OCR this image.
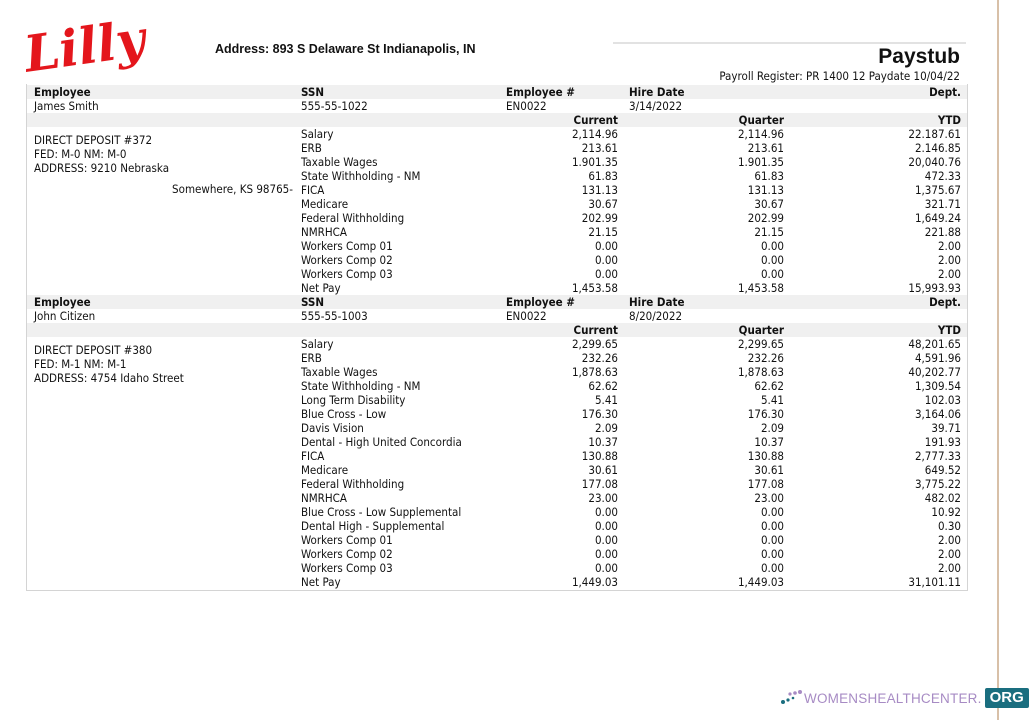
Lilly	Address: 893 S Delaware St Indianapolis, IN	Paystub
Payroll Register: PR 1400 12 Paydate 10/04/22
Employee	SSN	Employee #	Hire Date	Dept.
James Smith	555-55-1022	EN0022	3/14/2022
Current	Quarter	YTD
DIRECT DEPOSIT #372
FED: M-0 NM: M-0
ADDRESS: 9210 Nebraska
Somewhere, KS 98765-
Salary	2,114.96	2,114.96	22.187.61
ERB	213.61	213.61	2.146.85
Taxable Wages	1.901.35	1.901.35	20,040.76
State Withholding - NM	61.83	61.83	472.33
FICA	131.13	131.13	1,375.67
Medicare	30.67	30.67	321.71
Federal Withholding	202.99	202.99	1,649.24
NMRHCA	21.15	21.15	221.88
Workers Comp 01	0.00	0.00	2.00
Workers Comp 02	0.00	0.00	2.00
Workers Comp 03	0.00	0.00	2.00
Net Pay	1,453.58	1,453.58	15,993.93
Employee	SSN	Employee #	Hire Date	Dept.
John Citizen	555-55-1003	EN0022	8/20/2022
Current	Quarter	YTD
DIRECT DEPOSIT #380
FED: M-1 NM: M-1
ADDRESS: 4754 Idaho Street
Salary	2,299.65	2,299.65	48,201.65
ERB	232.26	232.26	4,591.96
Taxable Wages	1,878.63	1,878.63	40,202.77
State Withholding - NM	62.62	62.62	1,309.54
Long Term Disability	5.41	5.41	102.03
Blue Cross - Low	176.30	176.30	3,164.06
Davis Vision	2.09	2.09	39.71
Dental - High United Concordia	10.37	10.37	191.93
FICA	130.88	130.88	2,777.33
Medicare	30.61	30.61	649.52
Federal Withholding	177.08	177.08	3,775.22
NMRHCA	23.00	23.00	482.02
Blue Cross - Low Supplemental	0.00	0.00	10.92
Dental High - Supplemental	0.00	0.00	0.30
Workers Comp 01	0.00	0.00	2.00
Workers Comp 02	0.00	0.00	2.00
Workers Comp 03	0.00	0.00	2.00
Net Pay	1,449.03	1,449.03	31,101.11
WOMENSHEALTHCENTER. ORG
